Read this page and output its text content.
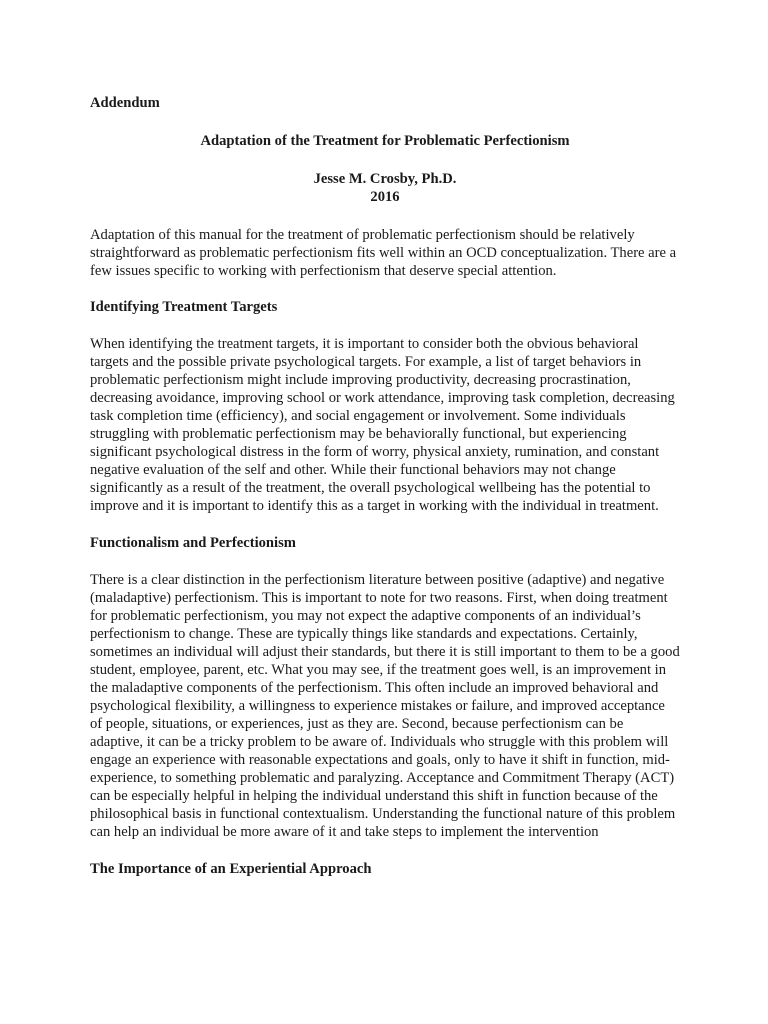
Addendum

Adaptation of the Treatment for Problematic Perfectionism

Jesse M. Crosby, Ph.D.

2016

Adaptation of this manual for the treatment of problematic perfectionism should be relatively straightforward as problematic perfectionism fits well within an OCD conceptualization. There are a few issues specific to working with perfectionism that deserve special attention.

Identifying Treatment Targets

When identifying the treatment targets, it is important to consider both the obvious behavioral targets and the possible private psychological targets. For example, a list of target behaviors in problematic perfectionism might include improving productivity, decreasing procrastination, decreasing avoidance, improving school or work attendance, improving task completion, decreasing task completion time (efficiency), and social engagement or involvement. Some individuals struggling with problematic perfectionism may be behaviorally functional, but experiencing significant psychological distress in the form of worry, physical anxiety, rumination, and constant negative evaluation of the self and other. While their functional behaviors may not change significantly as a result of the treatment, the overall psychological wellbeing has the potential to improve and it is important to identify this as a target in working with the individual in treatment.

Functionalism and Perfectionism

There is a clear distinction in the perfectionism literature between positive (adaptive) and negative (maladaptive) perfectionism. This is important to note for two reasons. First, when doing treatment for problematic perfectionism, you may not expect the adaptive components of an individual’s perfectionism to change. These are typically things like standards and expectations. Certainly, sometimes an individual will adjust their standards, but there it is still important to them to be a good student, employee, parent, etc. What you may see, if the treatment goes well, is an improvement in the maladaptive components of the perfectionism. This often include an improved behavioral and psychological flexibility, a willingness to experience mistakes or failure, and improved acceptance of people, situations, or experiences, just as they are. Second, because perfectionism can be adaptive, it can be a tricky problem to be aware of. Individuals who struggle with this problem will engage an experience with reasonable expectations and goals, only to have it shift in function, mid-experience, to something problematic and paralyzing. Acceptance and Commitment Therapy (ACT) can be especially helpful in helping the individual understand this shift in function because of the philosophical basis in functional contextualism. Understanding the functional nature of this problem can help an individual be more aware of it and take steps to implement the intervention

The Importance of an Experiential Approach
